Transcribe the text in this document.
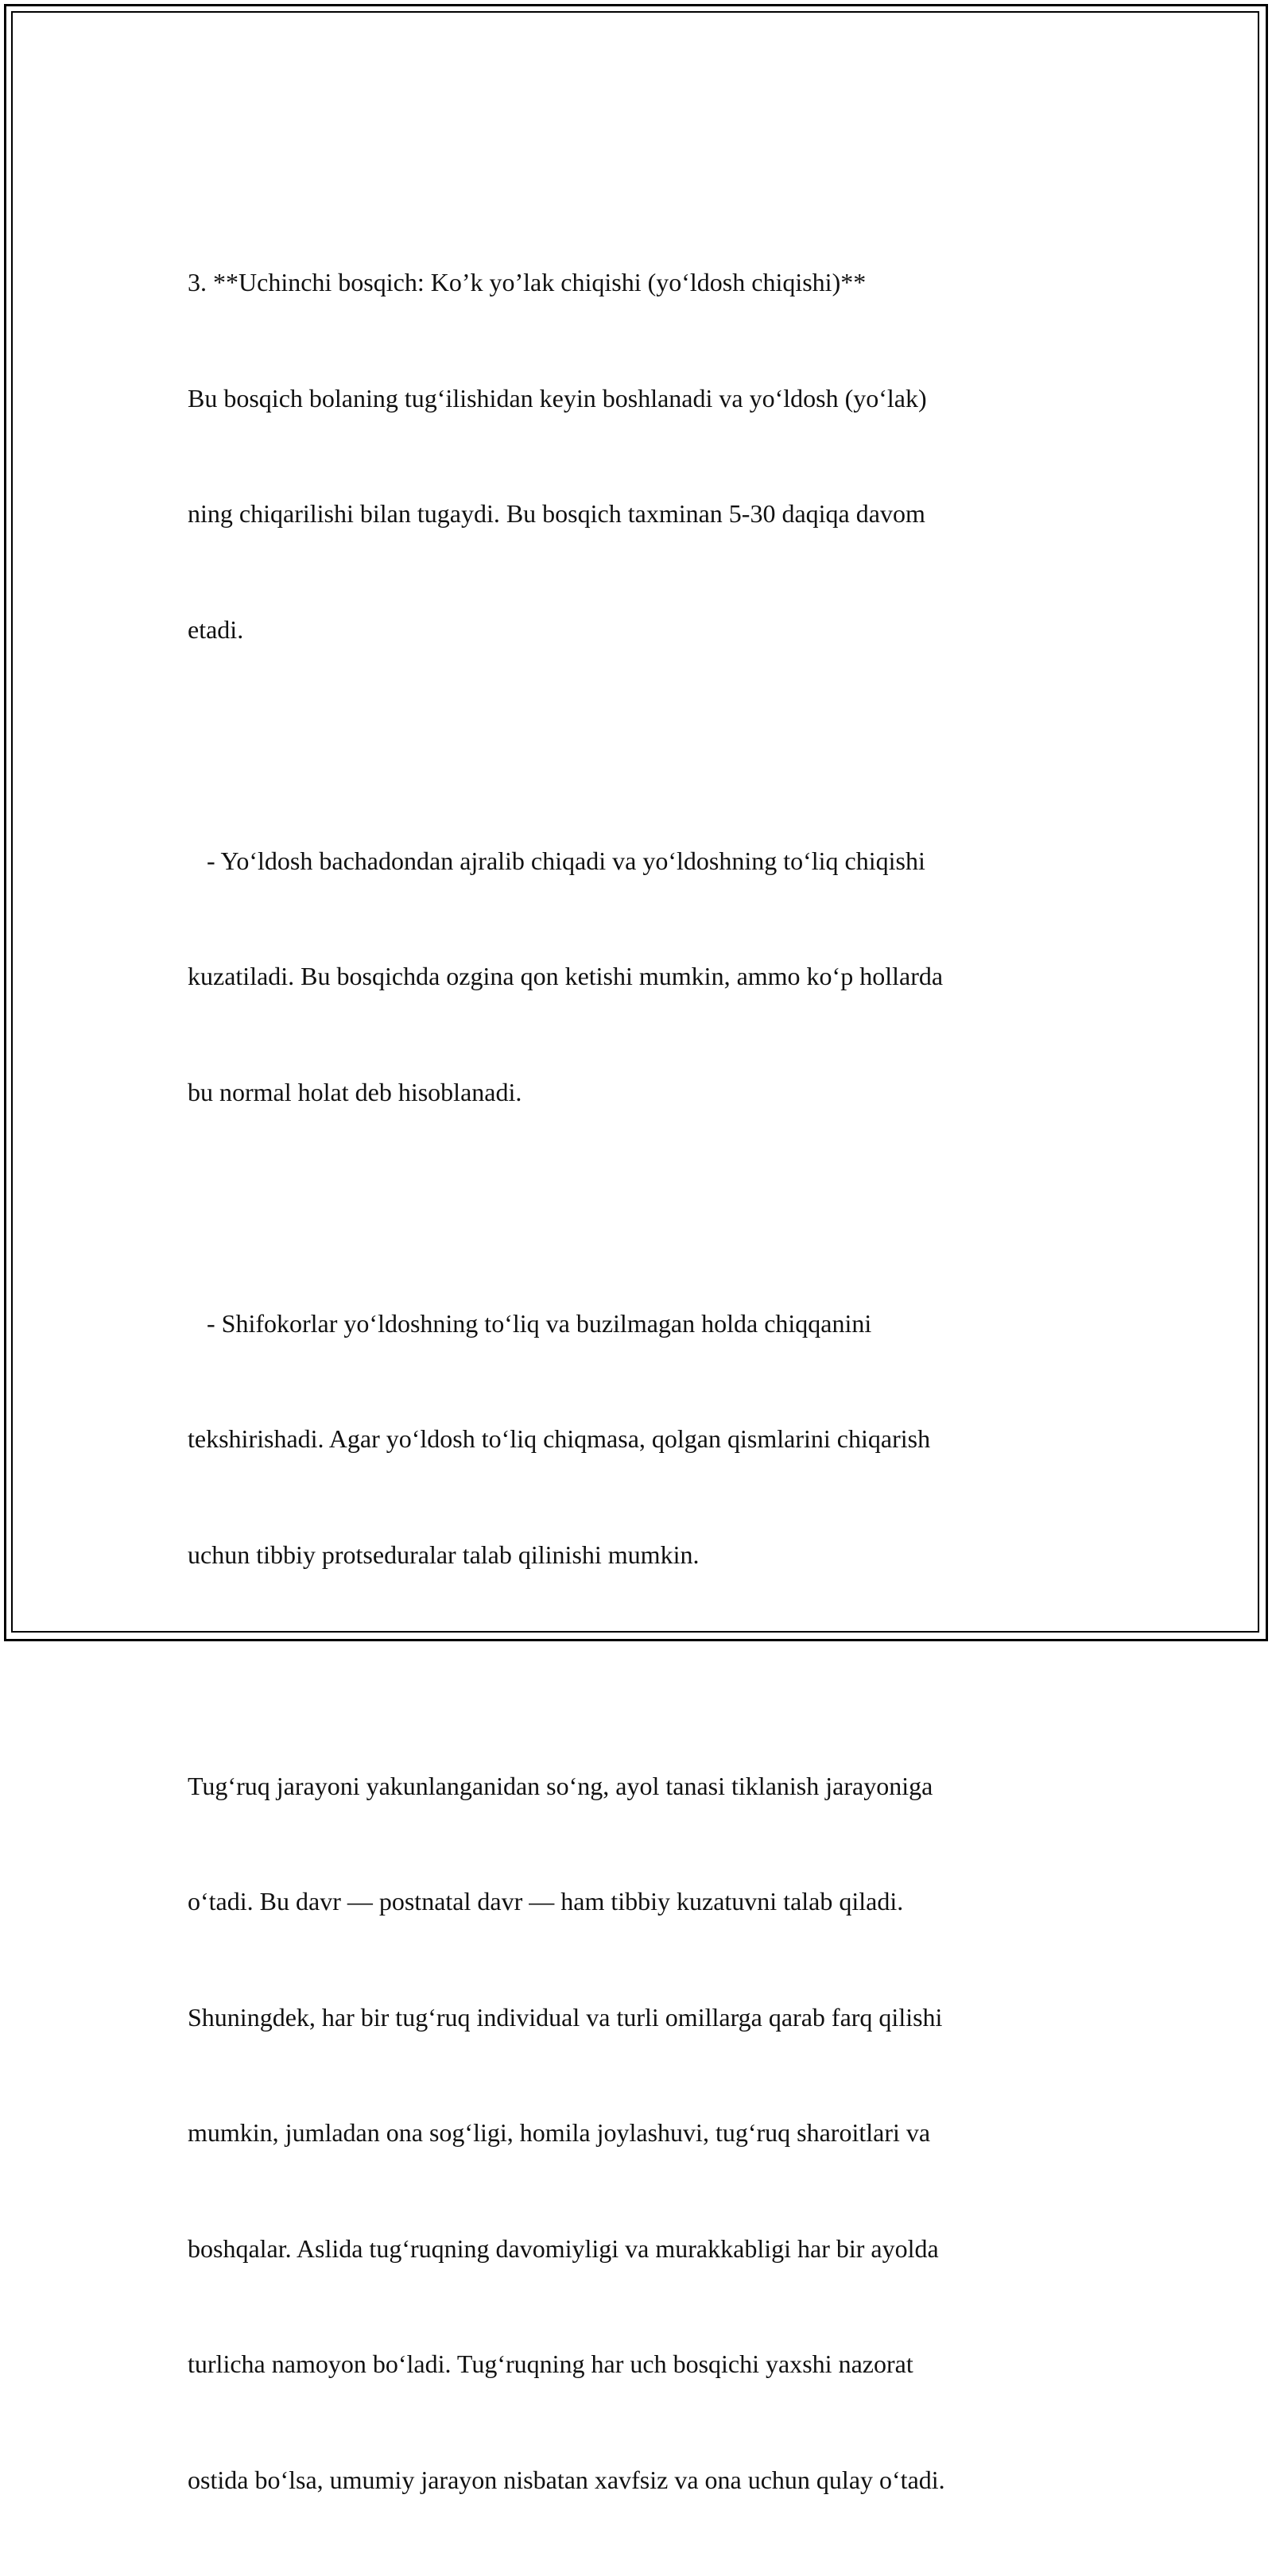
3. **Uchinchi bosqich: Ko’k yo’lak chiqishi (yo‘ldosh chiqishi)**

Bu bosqich bolaning tug‘ilishidan keyin boshlanadi va yo‘ldosh (yo‘lak)

ning chiqarilishi bilan tugaydi. Bu bosqich taxminan 5-30 daqiqa davom

etadi.

- Yo‘ldosh bachadondan ajralib chiqadi va yo‘ldoshning to‘liq chiqishi

kuzatiladi. Bu bosqichda ozgina qon ketishi mumkin, ammo ko‘p hollarda

bu normal holat deb hisoblanadi.

- Shifokorlar yo‘ldoshning to‘liq va buzilmagan holda chiqqanini

tekshirishadi. Agar yo‘ldosh to‘liq chiqmasa, qolgan qismlarini chiqarish

uchun tibbiy protseduralar talab qilinishi mumkin.

Tug‘ruq jarayoni yakunlanganidan so‘ng, ayol tanasi tiklanish jarayoniga

o‘tadi. Bu davr — postnatal davr — ham tibbiy kuzatuvni talab qiladi.

Shuningdek, har bir tug‘ruq individual va turli omillarga qarab farq qilishi

mumkin, jumladan ona sog‘ligi, homila joylashuvi, tug‘ruq sharoitlari va

boshqalar. Aslida tug‘ruqning davomiyligi va murakkabligi har bir ayolda

turlicha namoyon bo‘ladi. Tug‘ruqning har uch bosqichi yaxshi nazorat

ostida bo‘lsa, umumiy jarayon nisbatan xavfsiz va ona uchun qulay o‘tadi.
